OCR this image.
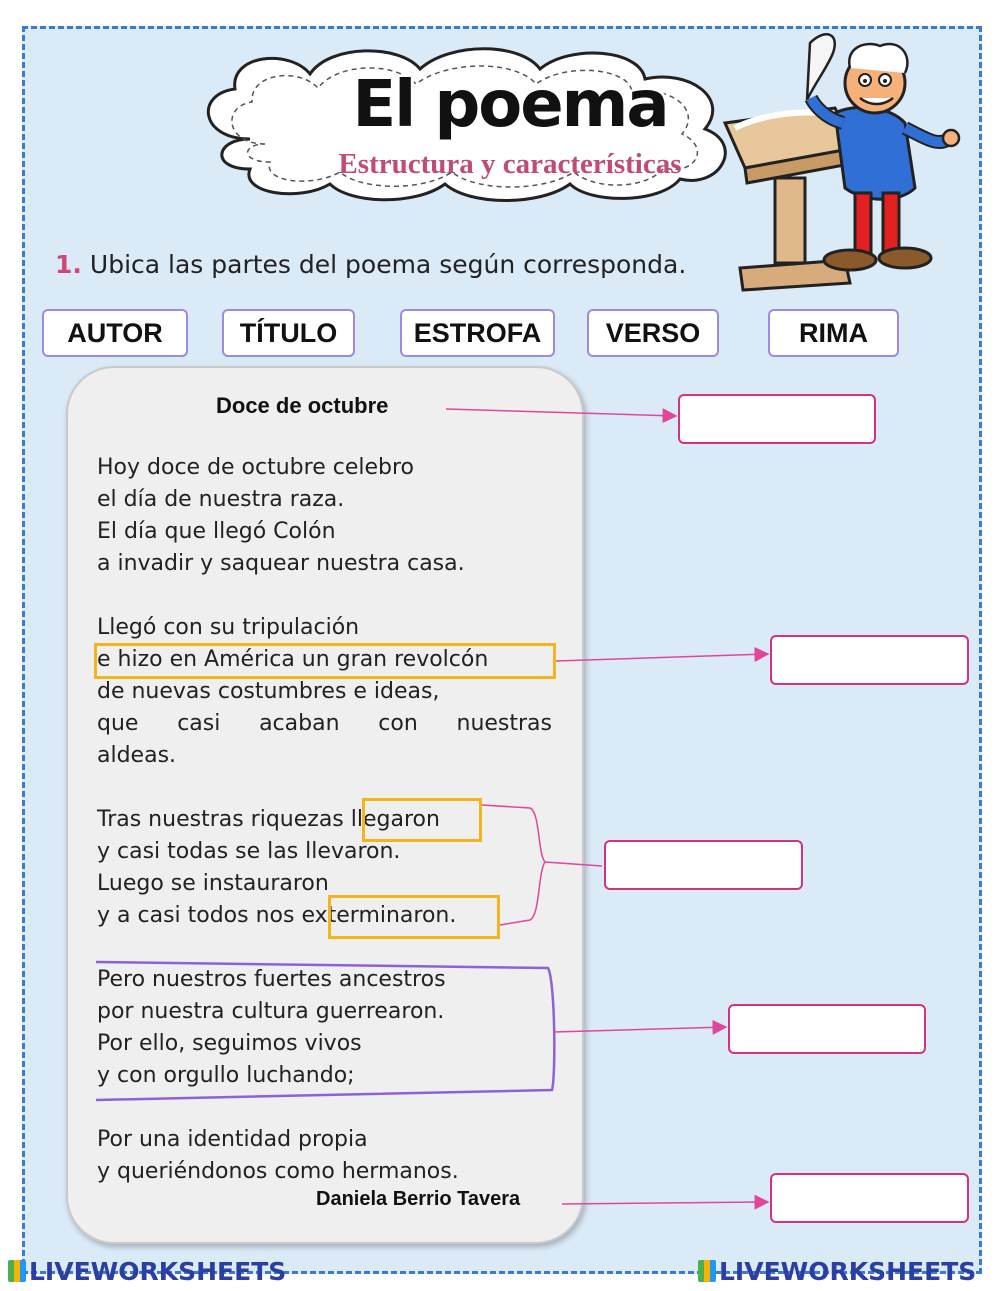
El poema
Estructura y características
1. Ubica las partes del poema según corresponda.
AUTOR	TÍTULO	ESTROFA	VERSO	RIMA
Doce de octubre
Hoy doce de octubre celebro
el día de nuestra raza.
El día que llegó Colón
a invadir y saquear nuestra casa.
Llegó con su tripulación
e hizo en América un gran revolcón
de nuevas costumbres e ideas,
que casi acaban con nuestras
aldeas.
Tras nuestras riquezas llegaron
y casi todas se las llevaron.
Luego se instauraron
y a casi todos nos exterminaron.
Pero nuestros fuertes ancestros
por nuestra cultura guerrearon.
Por ello, seguimos vivos
y con orgullo luchando;
Por una identidad propia
y queriéndonos como hermanos.
Daniela Berrio Tavera
LIVEWORKSHEETS	LIVEWORKSHEETS
